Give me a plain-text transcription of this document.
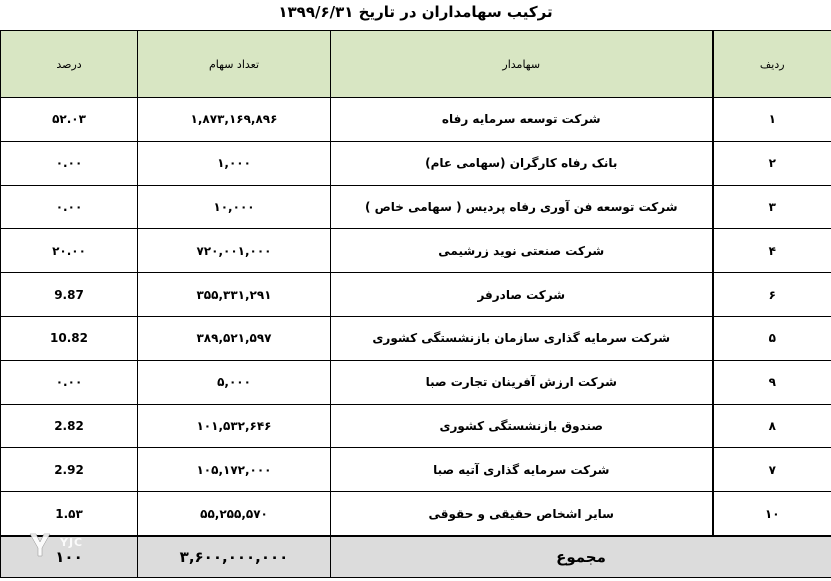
ترکیب سهامداران در تاریخ ۱۳۹۹/۶/۳۱
ردیف	سهامدار	تعداد سهام	درصد
۱	شرکت توسعه سرمایه رفاه	۱,۸۷۳,۱۶۹,۸۹۶	۵۲.۰۳
۲	بانک رفاه کارگران (سهامی عام)	۱,۰۰۰	۰.۰۰
۳	شرکت توسعه فن آوری رفاه پردیس ( سهامی خاص )	۱۰,۰۰۰	۰.۰۰
۴	شرکت صنعتی نوید زرشیمی	۷۲۰,۰۰۱,۰۰۰	۲۰.۰۰
۶	شرکت صادرفر	۳۵۵,۳۳۱,۲۹۱	9.87
۵	شرکت سرمایه گذاری سازمان بازنشستگی کشوری	۳۸۹,۵۲۱,۵۹۷	10.82
۹	شرکت ارزش آفرینان تجارت صبا	۵,۰۰۰	۰.۰۰
۸	صندوق بازنشستگی کشوری	۱۰۱,۵۳۲,۶۴۶	2.82
۷	شرکت سرمایه گذاری آتیه صبا	۱۰۵,۱۷۲,۰۰۰	2.92
۱۰	سایر اشخاص حقیقی و حقوقی	۵۵,۲۵۵,۵۷۰	1.۵۳
مجموع		۳,۶۰۰,۰۰۰,۰۰۰	۱۰۰
YJC
